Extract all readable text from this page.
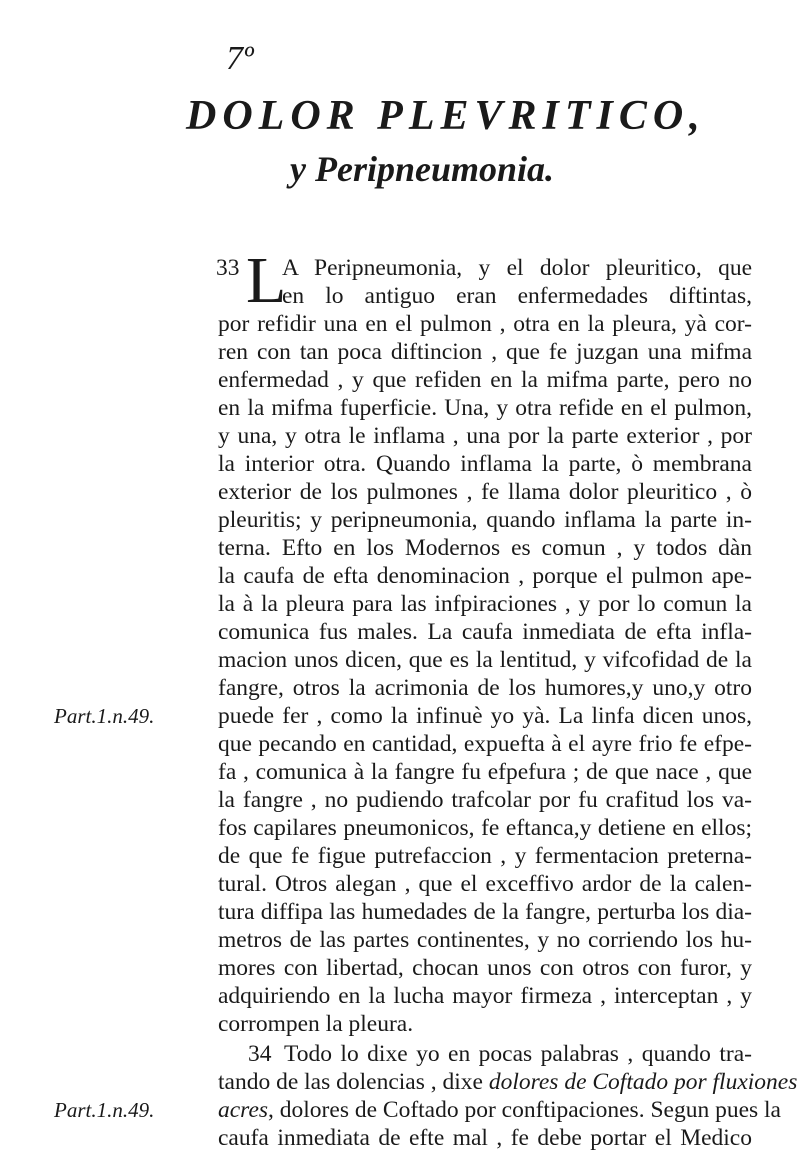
7º
DOLOR PLEVRITICO,
y Peripneumonia.
33 L
A Peripneumonia, y el dolor pleuritico, que
en lo antiguo eran enfermedades diftintas,
por refidir una en el pulmon , otra en la pleura, yà cor-
ren con tan poca diftincion , que fe juzgan una mifma
enfermedad , y que refiden en la mifma parte, pero no
en la mifma fuperficie. Una, y otra refide en el pulmon,
y una, y otra le inflama , una por la parte exterior , por
la interior otra. Quando inflama la parte, ò membrana
exterior de los pulmones , fe llama dolor pleuritico , ò
pleuritis; y peripneumonia, quando inflama la parte in-
terna. Efto en los Modernos es comun , y todos dàn
la caufa de efta denominacion , porque el pulmon ape-
la à la pleura para las infpiraciones , y por lo comun la
comunica fus males. La caufa inmediata de efta infla-
macion unos dicen, que es la lentitud, y vifcofidad de la
fangre, otros la acrimonia de los humores,y uno,y otro
puede fer , como la infinuè yo yà. La linfa dicen unos,
que pecando en cantidad, expuefta à el ayre frio fe efpe-
fa , comunica à la fangre fu efpefura ; de que nace , que
la fangre , no pudiendo trafcolar por fu crafitud los va-
fos capilares pneumonicos, fe eftanca,y detiene en ellos;
de que fe figue putrefaccion , y fermentacion preterna-
tural. Otros alegan , que el exceffivo ardor de la calen-
tura diffipa las humedades de la fangre, perturba los dia-
metros de las partes continentes, y no corriendo los hu-
mores con libertad, chocan unos con otros con furor, y
adquiriendo en la lucha mayor firmeza , interceptan , y
corrompen la pleura.
34 Todo lo dixe yo en pocas palabras , quando tra-
tando de las dolencias , dixe dolores de Coftado por fluxiones
acres, dolores de Coftado por conftipaciones. Segun pues la
caufa inmediata de efte mal , fe debe portar el Medico
Part.1.n.49.
Part.1.n.49.
